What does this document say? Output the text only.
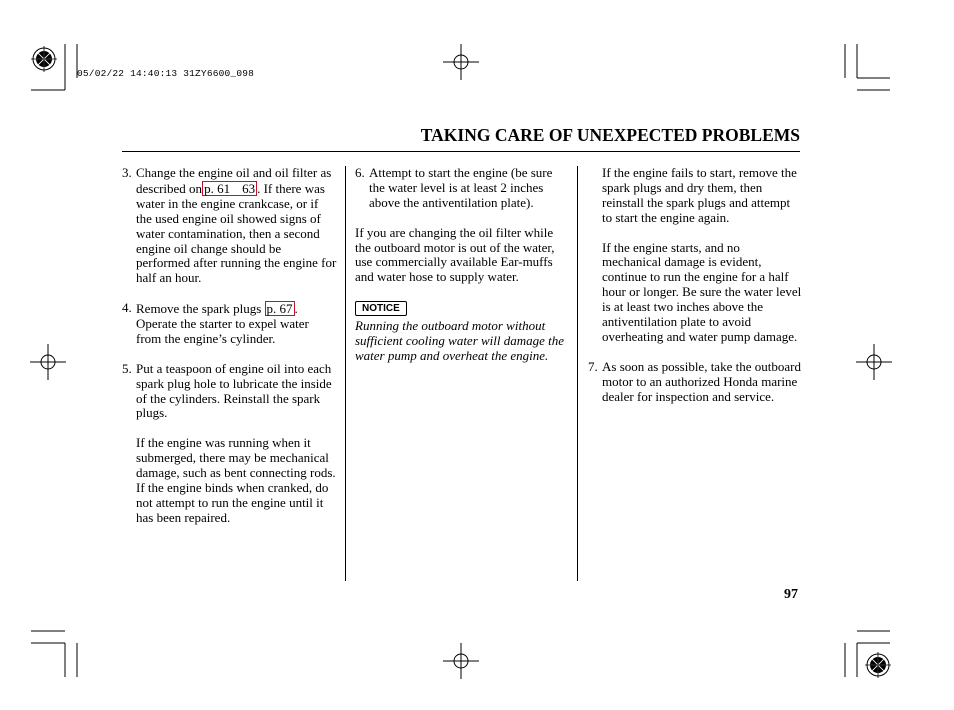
05/02/22 14:40:13 31ZY6600_098
TAKING CARE OF UNEXPECTED PROBLEMS

3. Change the engine oil and oil filter as described on p. 61 63 . If there was water in the engine crankcase, or if the used engine oil showed signs of water contamination, then a second engine oil change should be performed after running the engine for half an hour.

4. Remove the spark plugs p. 67 . Operate the starter to expel water from the engine’s cylinder.

5. Put a teaspoon of engine oil into each spark plug hole to lubricate the inside of the cylinders. Reinstall the spark plugs.

If the engine was running when it submerged, there may be mechanical damage, such as bent connecting rods. If the engine binds when cranked, do not attempt to run the engine until it has been repaired.

6. Attempt to start the engine (be sure the water level is at least 2 inches above the antiventilation plate).

If you are changing the oil filter while the outboard motor is out of the water, use commercially available Ear-muffs and water hose to supply water.

NOTICE

Running the outboard motor without sufficient cooling water will damage the water pump and overheat the engine.

If the engine fails to start, remove the spark plugs and dry them, then reinstall the spark plugs and attempt to start the engine again.

If the engine starts, and no mechanical damage is evident, continue to run the engine for a half hour or longer. Be sure the water level is at least two inches above the antiventilation plate to avoid overheating and water pump damage.

7. As soon as possible, take the outboard motor to an authorized Honda marine dealer for inspection and service.

97
